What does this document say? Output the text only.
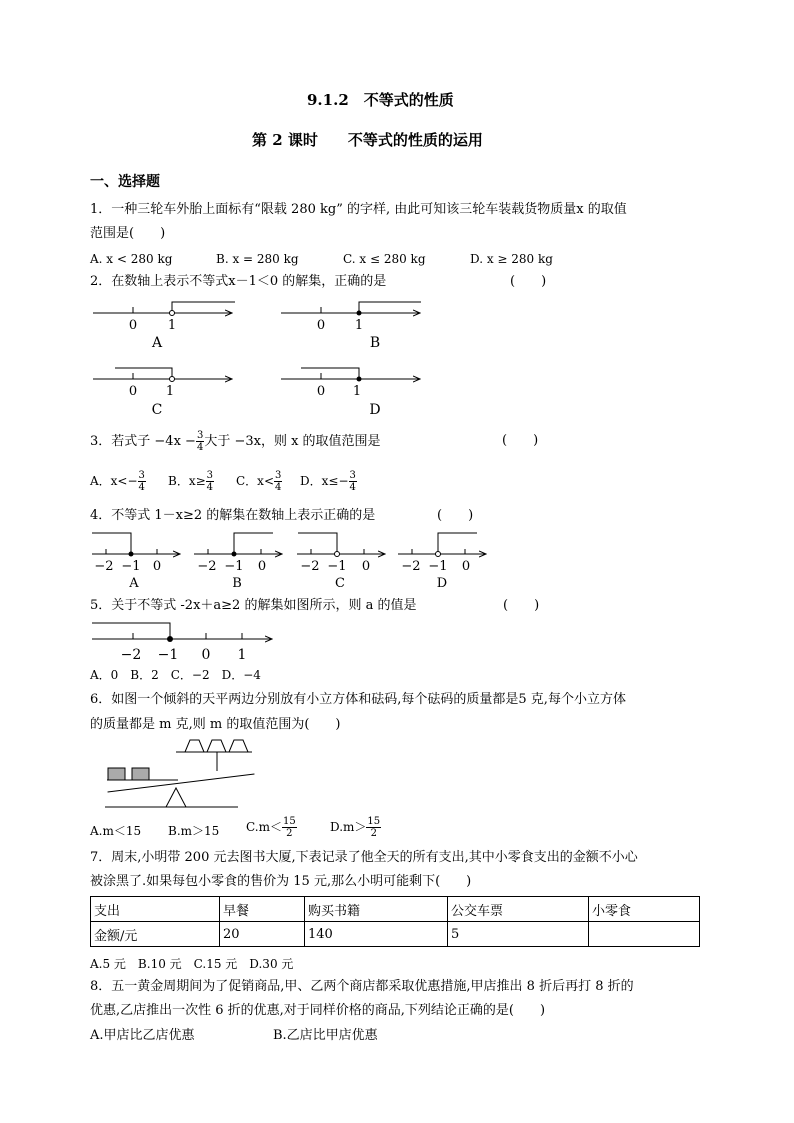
9.1.2　不等式的性质
第 2 课时　　不等式的性质的运用
一、选择题
1．一种三轮车外胎上面标有“限载 280 kg” 的字样, 由此可知该三轮车装载货物质量x 的取值
范围是(　　)
A. x < 280 kg	B. x = 280 kg	C. x ≤ 280 kg	D. x ≥ 280 kg
2．在数轴上表示不等式x－1＜0 的解集，正确的是	(　　)
0 1
A
0 1
B
0 1
C
0 1
D
3．若式子 $-4x - \frac{3}{4}$ 大于 −3x，则 x 的取值范围是	(　　)
A．$x<- \frac{3}{4}$ B．$x\ge \frac{3}{4}$ C．$x< \frac{3}{4}$ D．$x\le- \frac{3}{4}$
4．不等式 1－x≥2 的解集在数轴上表示正确的是	(　　)
−2 −1 0
A
−2 −1 0
B
−2 −1 0
C
−2 −1 0
D
5．关于不等式 -2x＋a≥2 的解集如图所示，则 a 的值是	(　　)
−2 −1 0 1
A．0　B．2　C．−2　D．−4
6．如图一个倾斜的天平两边分别放有小立方体和砝码,每个砝码的质量都是5 克,每个小立方体
的质量都是 m 克,则 m 的取值范围为(　　)
A.m＜15 B.m＞15 $C.m< \frac{15}{2}$	$D.m> \frac{15}{2}$
7．周末,小明带 200 元去图书大厦,下表记录了他全天的所有支出,其中小零食支出的金额不小心
被涂黑了.如果每包小零食的售价为 15 元,那么小明可能剩下(　　)
支出	早餐	购买书籍	公交车票	小零食
金额/元	20	140	5	
A.5 元　B.10 元　C.15 元　D.30 元
8．五一黄金周期间为了促销商品,甲、乙两个商店都采取优惠措施,甲店推出 8 折后再打 8 折的
优惠,乙店推出一次性 6 折的优惠,对于同样价格的商品,下列结论正确的是(　　)
A.甲店比乙店优惠	B.乙店比甲店优惠
